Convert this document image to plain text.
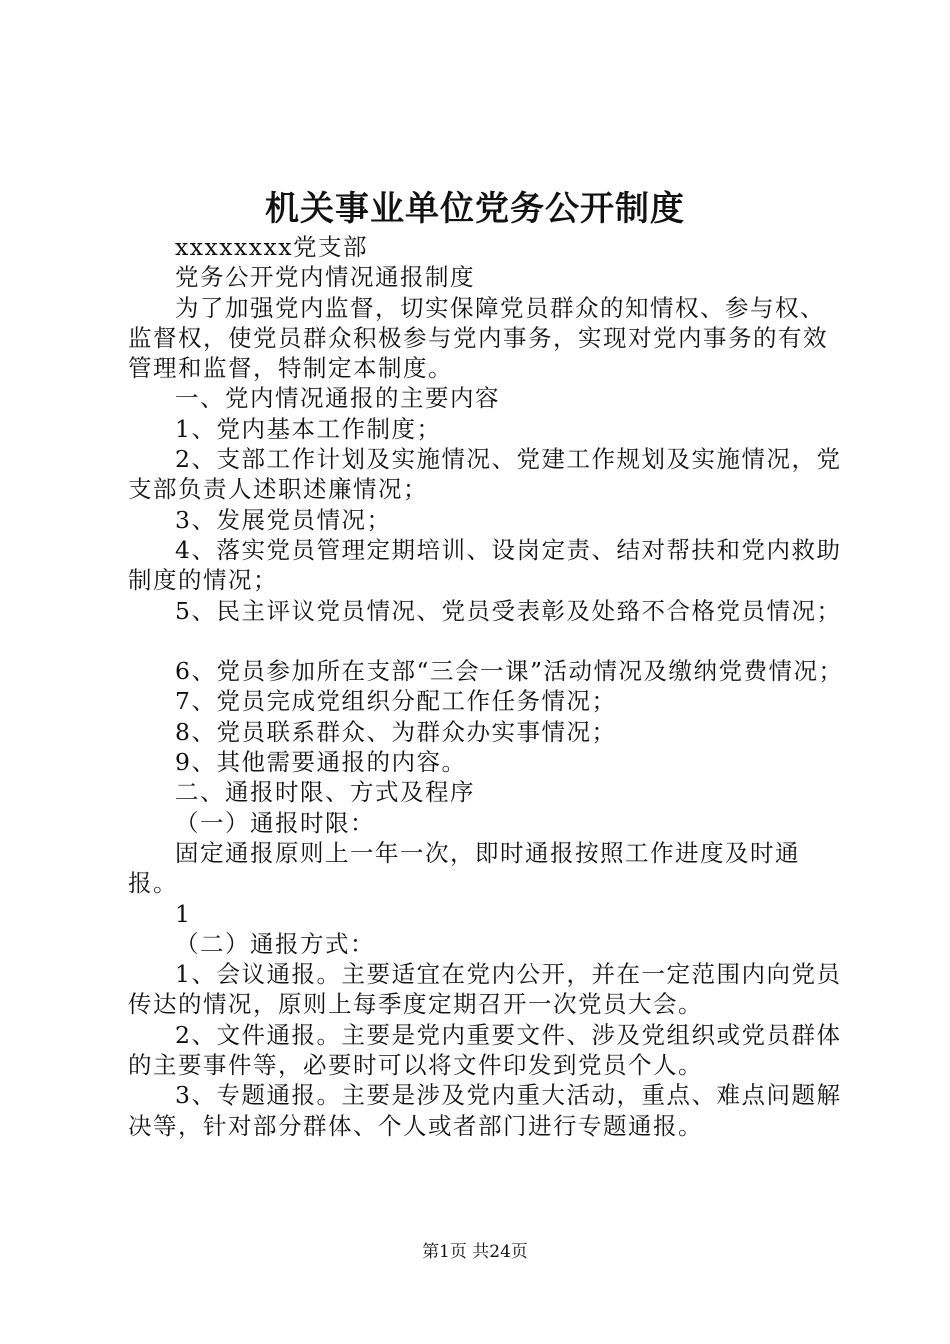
机关事业单位党务公开制度

xxxxxxxx党支部

党务公开党内情况通报制度

为了加强党内监督，切实保障党员群众的知情权、参与权、监督权，使党员群众积极参与党内事务，实现对党内事务的有效管理和监督，特制定本制度。

一、党内情况通报的主要内容

1、党内基本工作制度；

2、支部工作计划及实施情况、党建工作规划及实施情况，党支部负责人述职述廉情况；

3、发展党员情况；

4、落实党员管理定期培训、设岗定责、结对帮扶和党内救助制度的情况；

5、民主评议党员情况、党员受表彰及处臵不合格党员情况；

6、党员参加所在支部“三会一课”活动情况及缴纳党费情况；

7、党员完成党组织分配工作任务情况；

8、党员联系群众、为群众办实事情况；

9、其他需要通报的内容。

二、通报时限、方式及程序

（一）通报时限：

固定通报原则上一年一次，即时通报按照工作进度及时通报。

1

（二）通报方式：

1、会议通报。主要适宜在党内公开，并在一定范围内向党员传达的情况，原则上每季度定期召开一次党员大会。

2、文件通报。主要是党内重要文件、涉及党组织或党员群体的主要事件等，必要时可以将文件印发到党员个人。

3、专题通报。主要是涉及党内重大活动，重点、难点问题解决等，针对部分群体、个人或者部门进行专题通报。

第1页 共24页
